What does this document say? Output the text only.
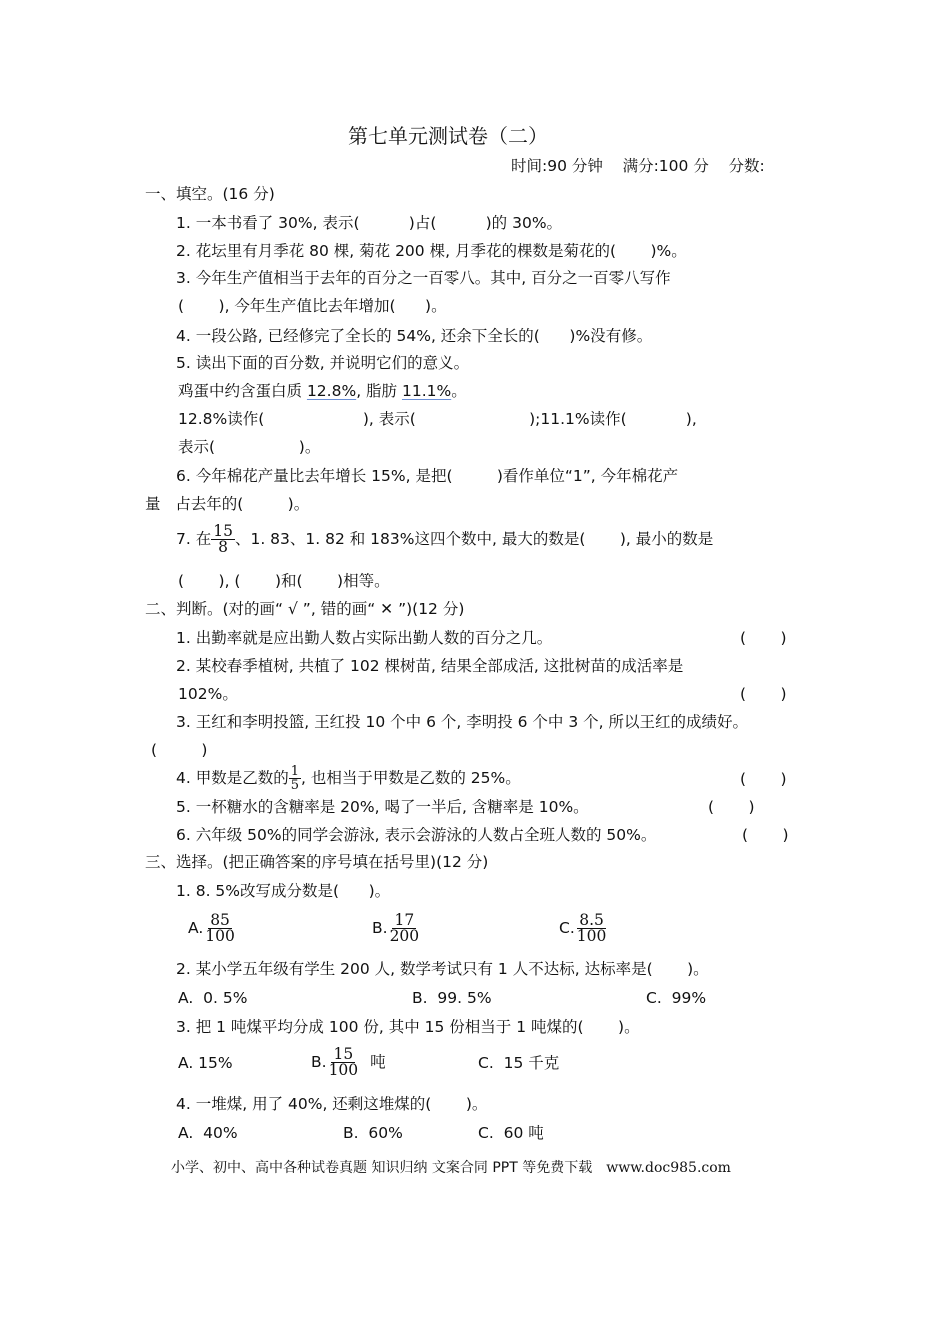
第七单元测试卷（二）
时间:90 分钟    满分:100 分    分数:
一、填空。(16 分)
1. 一本书看了 30%, 表示(          )占(          )的 30%。
2. 花坛里有月季花 80 棵, 菊花 200 棵, 月季花的棵数是菊花的(       )%。
3. 今年生产值相当于去年的百分之一百零八。其中, 百分之一百零八写作
(       ), 今年生产值比去年增加(      )。
4. 一段公路, 已经修完了全长的 54%, 还余下全长的(      )%没有修。
5. 读出下面的百分数, 并说明它们的意义。
鸡蛋中约含蛋白质 12.8%, 脂肪 11.1%。
12.8%读作(                    ), 表示(                       );11.1%读作(            ),
表示(                 )。
6. 今年棉花产量比去年增长 15%, 是把(         )看作单位“1”, 今年棉花产
量   占去年的(         )。
7. 在 $\frac{15}{8}$ 、1. 83、1. 82 和 183%这四个数中, 最大的数是(       ), 最小的数是
(       ), (       )和(       )相等。
二、判断。(对的画“ √ ”, 错的画“ ✕ ”)(12 分)
1. 出勤率就是应出勤人数占实际出勤人数的百分之几。	(       )
2. 某校春季植树, 共植了 102 棵树苗, 结果全部成活, 这批树苗的成活率是
102%。	(       )
3. 王红和李明投篮, 王红投 10 个中 6 个, 李明投 6 个中 3 个, 所以王红的成绩好。
(         )
4. 甲数是乙数的 $\frac{1}{5}$ , 也相当于甲数是乙数的 25%。	(       )
5. 一杯糖水的含糖率是 20%, 喝了一半后, 含糖率是 10%。	(       )
6. 六年级 50%的同学会游泳, 表示会游泳的人数占全班人数的 50%。	(       )
三、选择。(把正确答案的序号填在括号里)(12 分)
1. 8. 5%改写成分数是(      )。
A. $\frac{85}{100}$	B. $\frac{17}{200}$	C. $\frac{8.5}{100}$
2. 某小学五年级有学生 200 人, 数学考试只有 1 人不达标, 达标率是(       )。
A.  0. 5%	B.  99. 5%	C.  99%
3. 把 1 吨煤平均分成 100 份, 其中 15 份相当于 1 吨煤的(       )。
A. 15%	B. $\frac{15}{100}$ 吨	C.  15 千克
4. 一堆煤, 用了 40%, 还剩这堆煤的(       )。
A.  40%	B.  60%	C.  60 吨
小学、初中、高中各种试卷真题 知识归纳 文案合同 PPT 等免费下载 www.doc985.com
